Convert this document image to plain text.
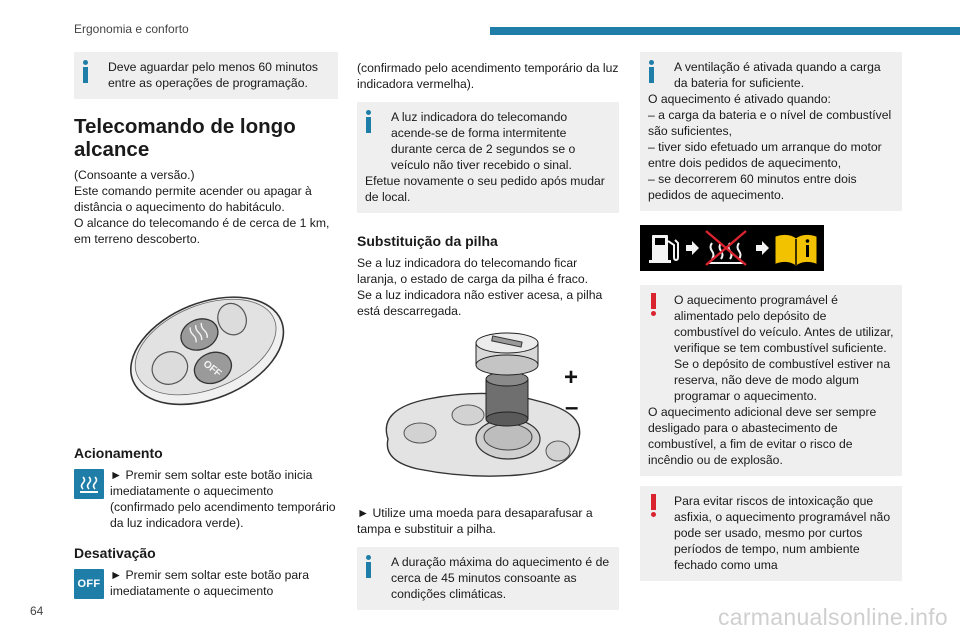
Ergonomia e conforto

Deve aguardar pelo menos 60 minutos entre as operações de programação.

Telecomando de longo alcance

(Consoante a versão.)

Este comando permite acender ou apagar à distância o aquecimento do habitáculo.

O alcance do telecomando é de cerca de 1 km, em terreno descoberto.

OFF
Acionamento

► Premir sem soltar este botão inicia imediatamente o aquecimento (confirmado pelo acendimento temporário da luz indicadora verde).

Desativação
OFF

► Premir sem soltar este botão para imediatamente o aquecimento

(confirmado pelo acendimento temporário da luz indicadora vermelha).

A luz indicadora do telecomando acende-se de forma intermitente durante cerca de 2 segundos se o veículo não tiver recebido o sinal.

Efetue novamente o seu pedido após mudar de local.

Substituição da pilha

Se a luz indicadora do telecomando ficar laranja, o estado de carga da pilha é fraco.

Se a luz indicadora não estiver acesa, a pilha está descarregada.

+
–

► Utilize uma moeda para desaparafusar a tampa e substituir a pilha.

A duração máxima do aquecimento é de cerca de 45 minutos consoante as condições climáticas.

A ventilação é ativada quando a carga da bateria for suficiente.

O aquecimento é ativado quando:

– a carga da bateria e o nível de combustível são suficientes,

– tiver sido efetuado um arranque do motor entre dois pedidos de aquecimento,

– se decorrerem 60 minutos entre dois pedidos de aquecimento.

O aquecimento programável é alimentado pelo depósito de combustível do veículo. Antes de utilizar, verifique se tem combustível suficiente. Se o depósito de combustível estiver na reserva, não deve de modo algum programar o aquecimento.

O aquecimento adicional deve ser sempre desligado para o abastecimento de combustível, a fim de evitar o risco de incêndio ou de explosão.

Para evitar riscos de intoxicação que asfixia, o aquecimento programável não pode ser usado, mesmo por curtos períodos de tempo, num ambiente fechado como uma

64	carmanualsonline.info
